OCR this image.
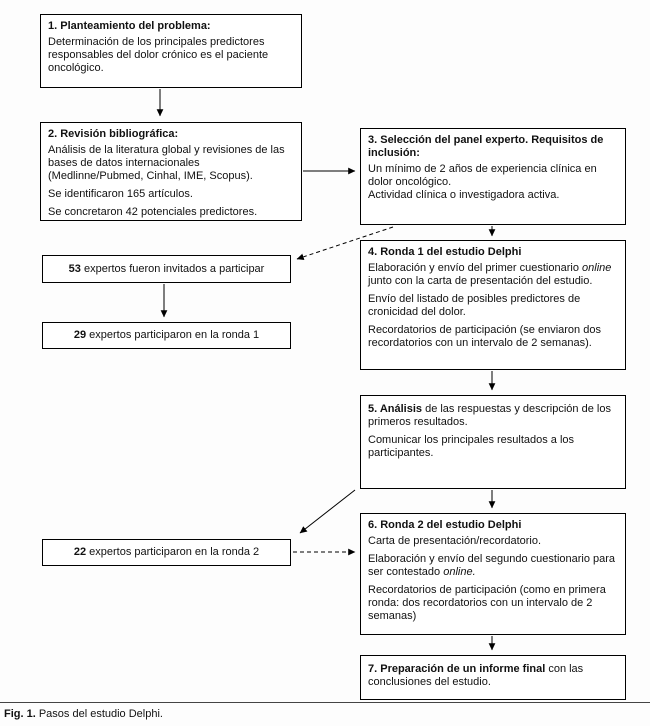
1. Planteamiento del problema:
Determinación de los principales predictores responsables del dolor crónico es el paciente oncológico.
2. Revisión bibliográfica:
Análisis de la literatura global y revisiones de las bases de datos internacionales (Medlinne/Pubmed, Cinhal, IME, Scopus).
Se identificaron 165 artículos.
Se concretaron 42 potenciales predictores.
3. Selección del panel experto. Requisitos de inclusión:
Un mínimo de 2 años de experiencia clínica en dolor oncológico.
Actividad clínica o investigadora activa.
53 expertos fueron invitados a participar
29 expertos participaron en la ronda 1
4. Ronda 1 del estudio Delphi
Elaboración y envío del primer cuestionario online junto con la carta de presentación del estudio.
Envío del listado de posibles predictores de cronicidad del dolor.
Recordatorios de participación (se enviaron dos recordatorios con un intervalo de 2 semanas).
5. Análisis de las respuestas y descripción de los primeros resultados.
Comunicar los principales resultados a los participantes.
22 expertos participaron en la ronda 2
6. Ronda 2 del estudio Delphi
Carta de presentación/recordatorio.
Elaboración y envío del segundo cuestionario para ser contestado online.
Recordatorios de participación (como en primera ronda: dos recordatorios con un intervalo de 2 semanas)
7. Preparación de un informe final con las conclusiones del estudio.
Fig. 1. Pasos del estudio Delphi.
